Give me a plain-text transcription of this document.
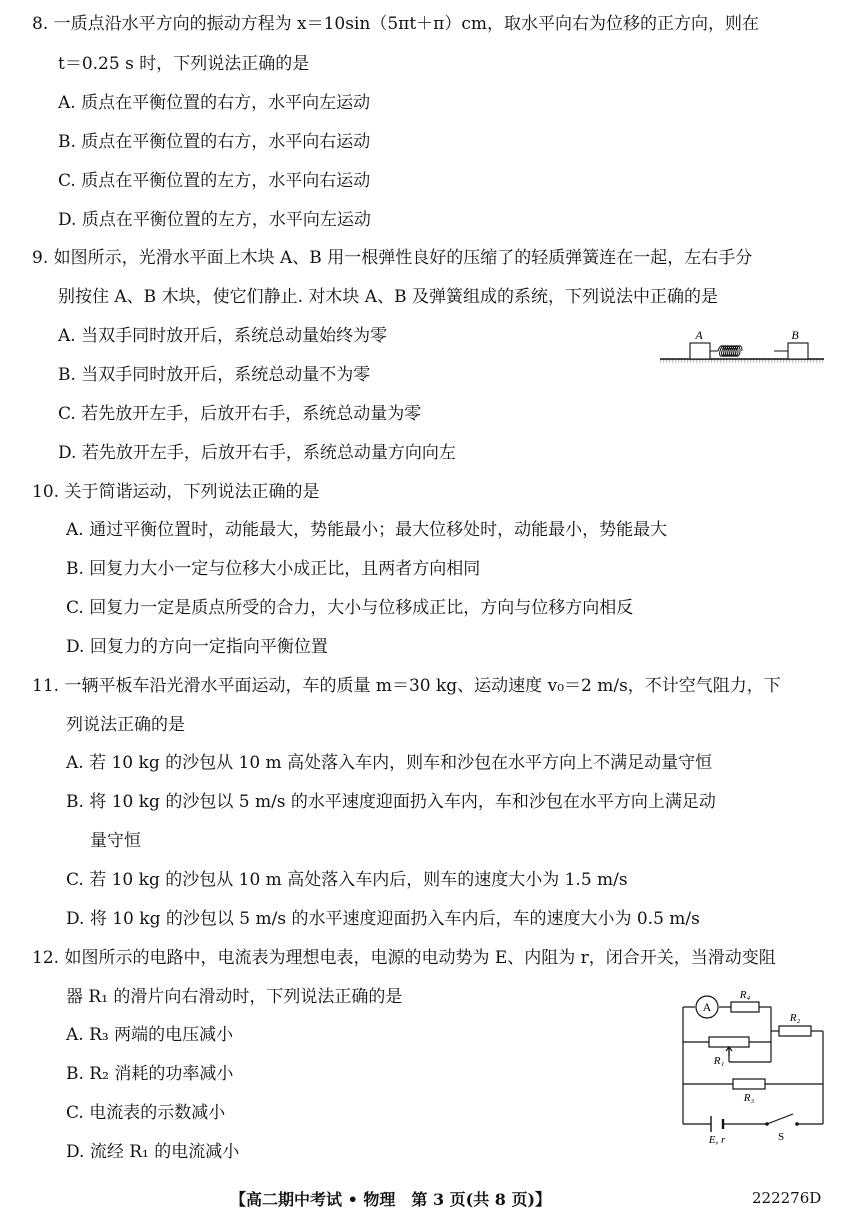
8. 一质点沿水平方向的振动方程为 x＝10sin（5πt＋π）cm，取水平向右为位移的正方向，则在
t＝0.25 s 时，下列说法正确的是
A. 质点在平衡位置的右方，水平向左运动
B. 质点在平衡位置的右方，水平向右运动
C. 质点在平衡位置的左方，水平向右运动
D. 质点在平衡位置的左方，水平向左运动
9. 如图所示，光滑水平面上木块 A、B 用一根弹性良好的压缩了的轻质弹簧连在一起，左右手分
别按住 A、B 木块，使它们静止. 对木块 A、B 及弹簧组成的系统，下列说法中正确的是
A. 当双手同时放开后，系统总动量始终为零
B. 当双手同时放开后，系统总动量不为零
C. 若先放开左手，后放开右手，系统总动量为零
D. 若先放开左手，后放开右手，系统总动量方向向左
A	B
10. 关于简谐运动，下列说法正确的是
A. 通过平衡位置时，动能最大，势能最小；最大位移处时，动能最小，势能最大
B. 回复力大小一定与位移大小成正比，且两者方向相同
C. 回复力一定是质点所受的合力，大小与位移成正比，方向与位移方向相反
D. 回复力的方向一定指向平衡位置
11. 一辆平板车沿光滑水平面运动，车的质量 m＝30 kg、运动速度 v₀＝2 m/s，不计空气阻力，下
列说法正确的是
A. 若 10 kg 的沙包从 10 m 高处落入车内，则车和沙包在水平方向上不满足动量守恒
B. 将 10 kg 的沙包以 5 m/s 的水平速度迎面扔入车内，车和沙包在水平方向上满足动
量守恒
C. 若 10 kg 的沙包从 10 m 高处落入车内后，则车的速度大小为 1.5 m/s
D. 将 10 kg 的沙包以 5 m/s 的水平速度迎面扔入车内后，车的速度大小为 0.5 m/s
12. 如图所示的电路中，电流表为理想电表，电源的电动势为 E、内阻为 r，闭合开关，当滑动变阻
器 R₁ 的滑片向右滑动时，下列说法正确的是
A. R₃ 两端的电压减小
B. R₂ 消耗的功率减小
C. 电流表的示数减小
D. 流经 R₁ 的电流减小
A
R₄
R₂
R₁
R₃
E, r	S
【高二期中考试 • 物理　第 3 页(共 8 页)】	222276D
